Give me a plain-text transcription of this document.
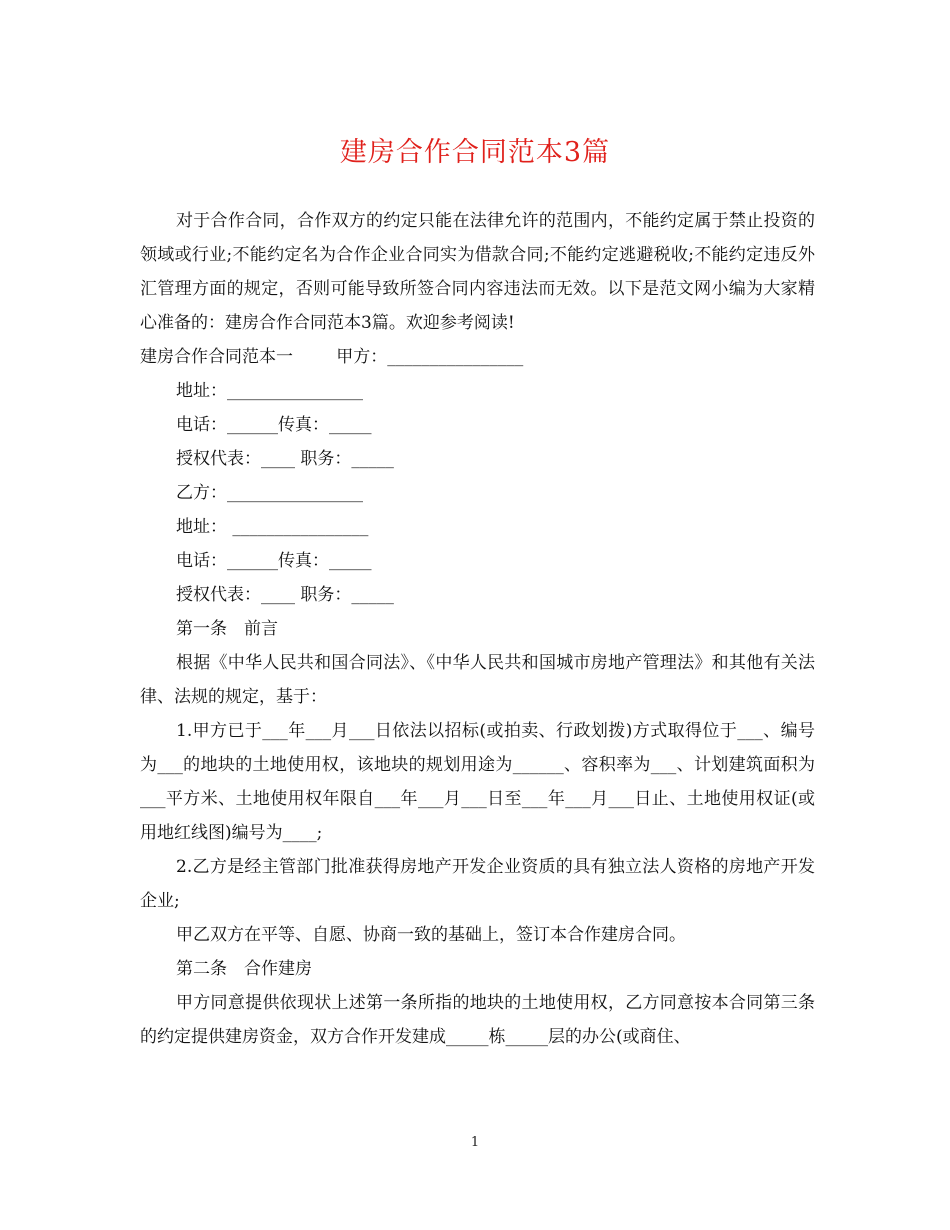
建房合作合同范本3篇

对于合作合同，合作双方的约定只能在法律允许的范围内，不能约定属于禁止投资的领域或行业;不能约定名为合作企业合同实为借款合同;不能约定逃避税收;不能约定违反外汇管理方面的规定，否则可能导致所签合同内容违法而无效。以下是范文网小编为大家精心准备的：建房合作合同范本3篇。欢迎参考阅读!

建房合作合同范本一	甲方：________________

地址：________________

电话：______传真：_____

授权代表：____ 职务：_____

乙方：________________

地址： ________________

电话：______传真：_____

授权代表：____ 职务：_____

第一条　前言

根据《中华人民共和国合同法》、《中华人民共和国城市房地产管理法》和其他有关法律、法规的规定，基于：

1.甲方已于___年___月___日依法以招标(或拍卖、行政划拨)方式取得位于___、编号为___的地块的土地使用权，该地块的规划用途为______、容积率为___、计划建筑面积为___平方米、土地使用权年限自___年___月___日至___年___月___日止、土地使用权证(或用地红线图)编号为____;

2.乙方是经主管部门批准获得房地产开发企业资质的具有独立法人资格的房地产开发企业;

甲乙双方在平等、自愿、协商一致的基础上，签订本合作建房合同。

第二条　合作建房

甲方同意提供依现状上述第一条所指的地块的土地使用权，乙方同意按本合同第三条的约定提供建房资金，双方合作开发建成_____栋_____层的办公(或商住、

1
